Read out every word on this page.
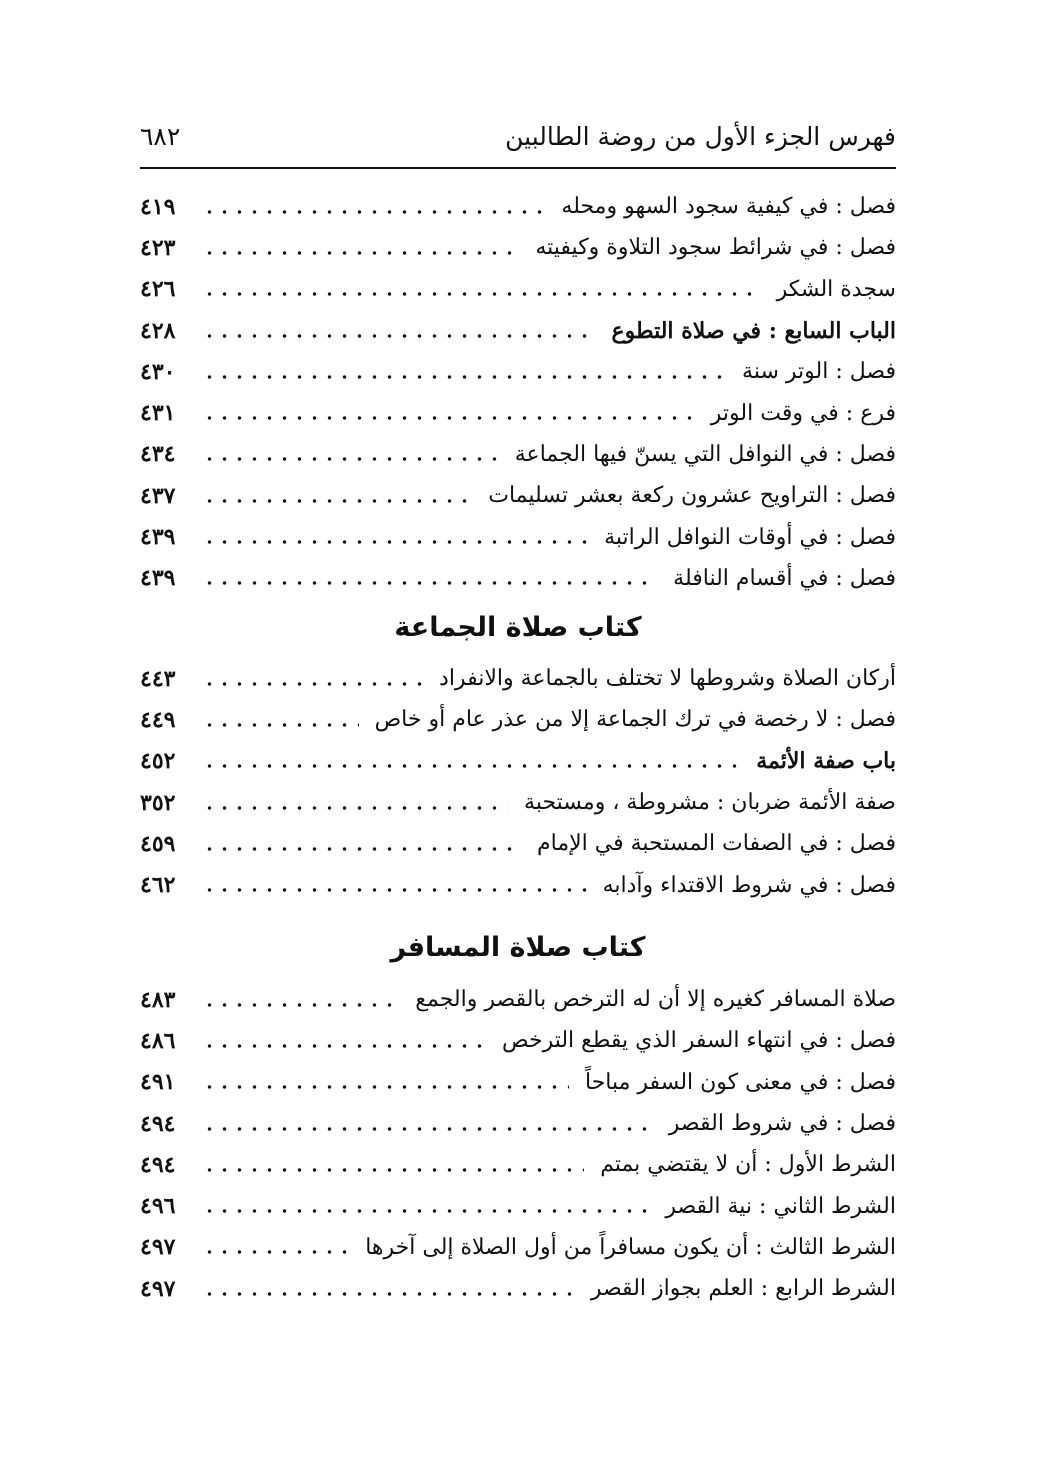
فهرس الجزء الأول من روضة الطالبين
٦٨٢
فصل : في كيفية سجود السهو ومحله
٤١٩
فصل : في شرائط سجود التلاوة وكيفيته
٤٢٣
سجدة الشكر
٤٢٦
الباب السابع : في صلاة التطوع
٤٢٨
فصل : الوتر سنة
٤٣٠
فرع : في وقت الوتر
٤٣١
فصل : في النوافل التي يسنّ فيها الجماعة
٤٣٤
فصل : التراويح عشرون ركعة بعشر تسليمات
٤٣٧
فصل : في أوقات النوافل الراتبة
٤٣٩
فصل : في أقسام النافلة
٤٣٩
كتاب صلاة الجماعة
أركان الصلاة وشروطها لا تختلف بالجماعة والانفراد
٤٤٣
فصل : لا رخصة في ترك الجماعة إلا من عذر عام أو خاص
٤٤٩
باب صفة الأئمة
٤٥٢
صفة الأئمة ضربان : مشروطة ، ومستحبة
٣٥٢
فصل : في الصفات المستحبة في الإمام
٤٥٩
فصل : في شروط الاقتداء وآدابه
٤٦٢
كتاب صلاة المسافر
صلاة المسافر كغيره إلا أن له الترخص بالقصر والجمع
٤٨٣
فصل : في انتهاء السفر الذي يقطع الترخص
٤٨٦
فصل : في معنى كون السفر مباحاً
٤٩١
فصل : في شروط القصر
٤٩٤
الشرط الأول : أن لا يقتضي بمتم
٤٩٤
الشرط الثاني : نية القصر
٤٩٦
الشرط الثالث : أن يكون مسافراً من أول الصلاة إلى آخرها
٤٩٧
الشرط الرابع : العلم بجواز القصر
٤٩٧
